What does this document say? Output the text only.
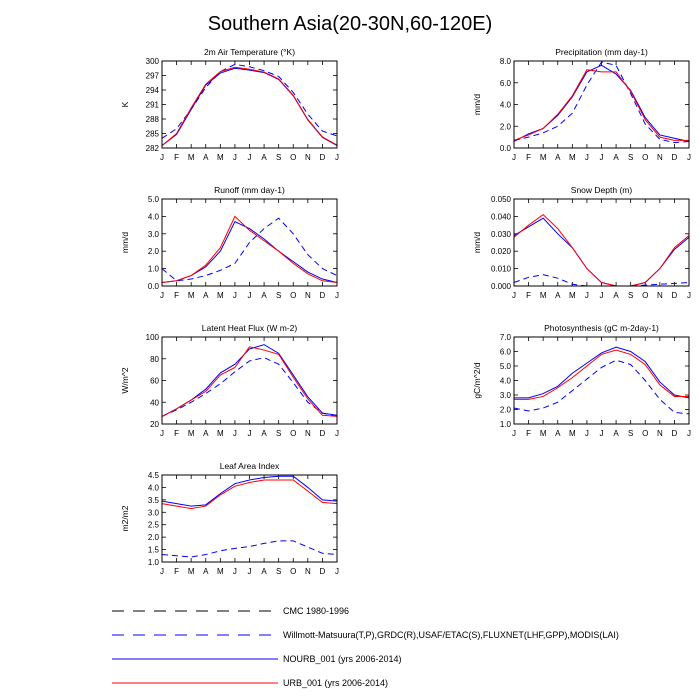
Southern Asia(20-30N,60-120E)
2m Air Temperature (°K)
K
282
285
288
291
294
297
300
J F M A M J J A S O N D J
Precipitation (mm day-1)
mm/d
0.0
2.0
4.0
6.0
8.0
J F M A M J J A S O N D J
Runoff (mm day-1)
mm/d
0.0
1.0
2.0
3.0
4.0
5.0
J F M A M J J A S O N D J
Snow Depth (m)
mm/d
0.000
0.010
0.020
0.030
0.040
0.050
J F M A M J J A S O N D J
Latent Heat Flux (W m-2)
W/m^2
20
40
60
80
100
J F M A M J J A S O N D J
Photosynthesis (gC m-2day-1)
gC/m^2/d
1.0
2.0
3.0
4.0
5.0
6.0
7.0
J F M A M J J A S O N D J
Leaf Area Index
m2/m2
1.0
1.5
2.0
2.5
3.0
3.5
4.0
4.5
J F M A M J J A S O N D J
CMC 1980-1996
Willmott-Matsuura(T,P),GRDC(R),USAF/ETAC(S),FLUXNET(LHF,GPP),MODIS(LAI)
NOURB_001 (yrs 2006-2014)
URB_001 (yrs 2006-2014)
